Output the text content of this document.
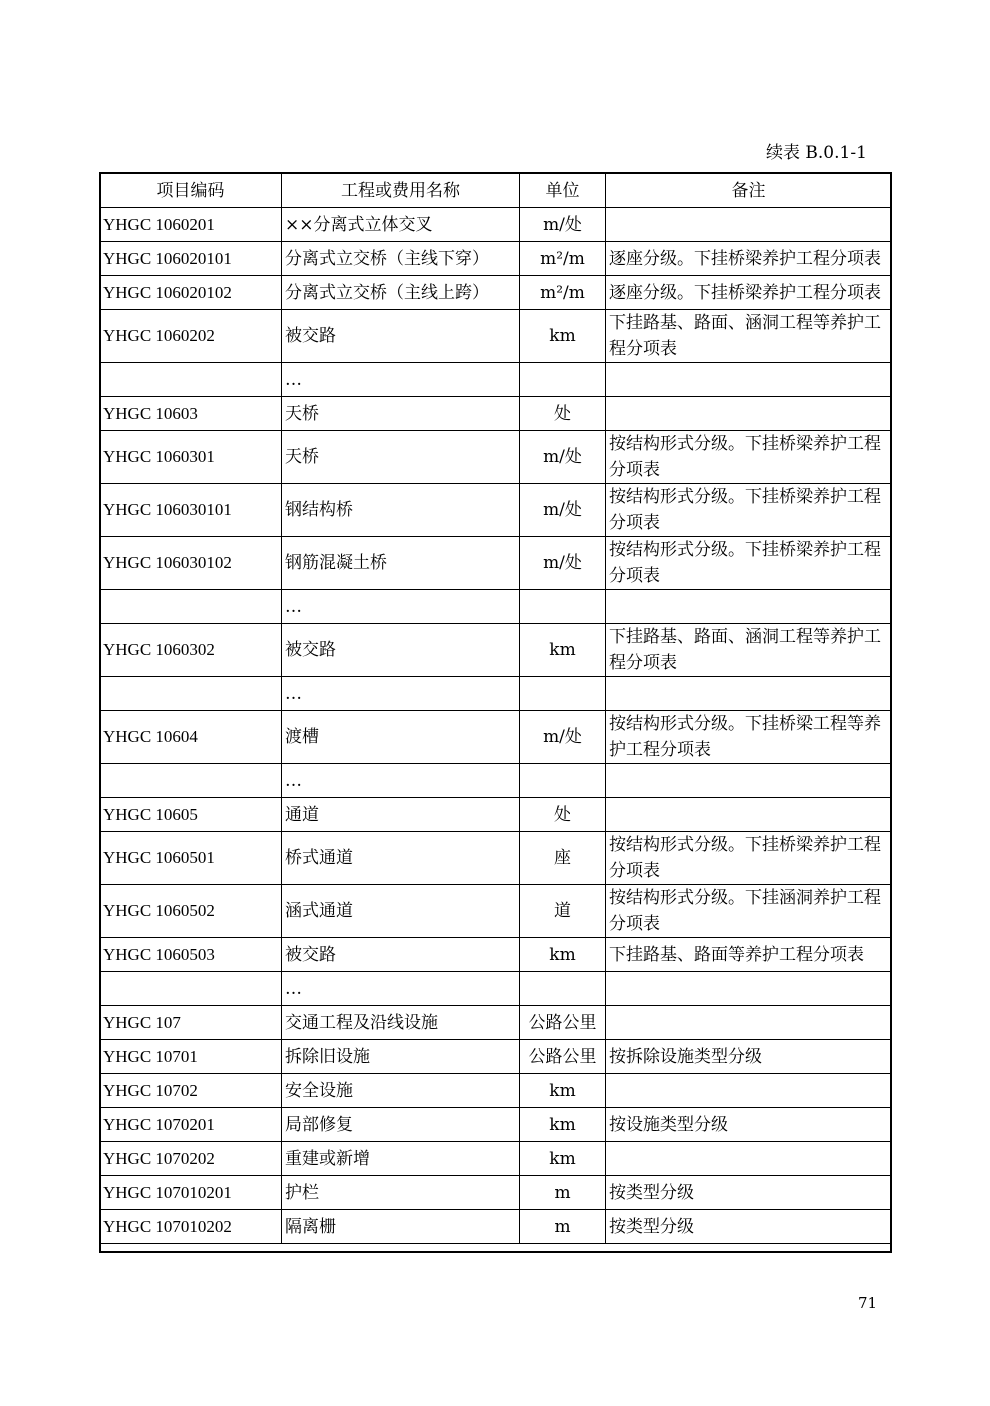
续表 B.0.1-1
项目编码	工程或费用名称	单位	备注
YHGC 1060201	××分离式立体交叉	m/处	
YHGC 106020101	分离式立交桥（主线下穿）	m²/m	逐座分级。下挂桥梁养护工程分项表
YHGC 106020102	分离式立交桥（主线上跨）	m²/m	逐座分级。下挂桥梁养护工程分项表
YHGC 1060202	被交路	km	下挂路基、路面、涵洞工程等养护工程分项表
	…		
YHGC 10603	天桥	处	
YHGC 1060301	天桥	m/处	按结构形式分级。下挂桥梁养护工程分项表
YHGC 106030101	钢结构桥	m/处	按结构形式分级。下挂桥梁养护工程分项表
YHGC 106030102	钢筋混凝土桥	m/处	按结构形式分级。下挂桥梁养护工程分项表
	…		
YHGC 1060302	被交路	km	下挂路基、路面、涵洞工程等养护工程分项表
	…		
YHGC 10604	渡槽	m/处	按结构形式分级。下挂桥梁工程等养护工程分项表
	…		
YHGC 10605	通道	处	
YHGC 1060501	桥式通道	座	按结构形式分级。下挂桥梁养护工程分项表
YHGC 1060502	涵式通道	道	按结构形式分级。下挂涵洞养护工程分项表
YHGC 1060503	被交路	km	下挂路基、路面等养护工程分项表
	…		
YHGC 107	交通工程及沿线设施	公路公里	
YHGC 10701	拆除旧设施	公路公里	按拆除设施类型分级
YHGC 10702	安全设施	km	
YHGC 1070201	局部修复	km	按设施类型分级
YHGC 1070202	重建或新增	km	
YHGC 107010201	护栏	m	按类型分级
YHGC 107010202	隔离栅	m	按类型分级
71
